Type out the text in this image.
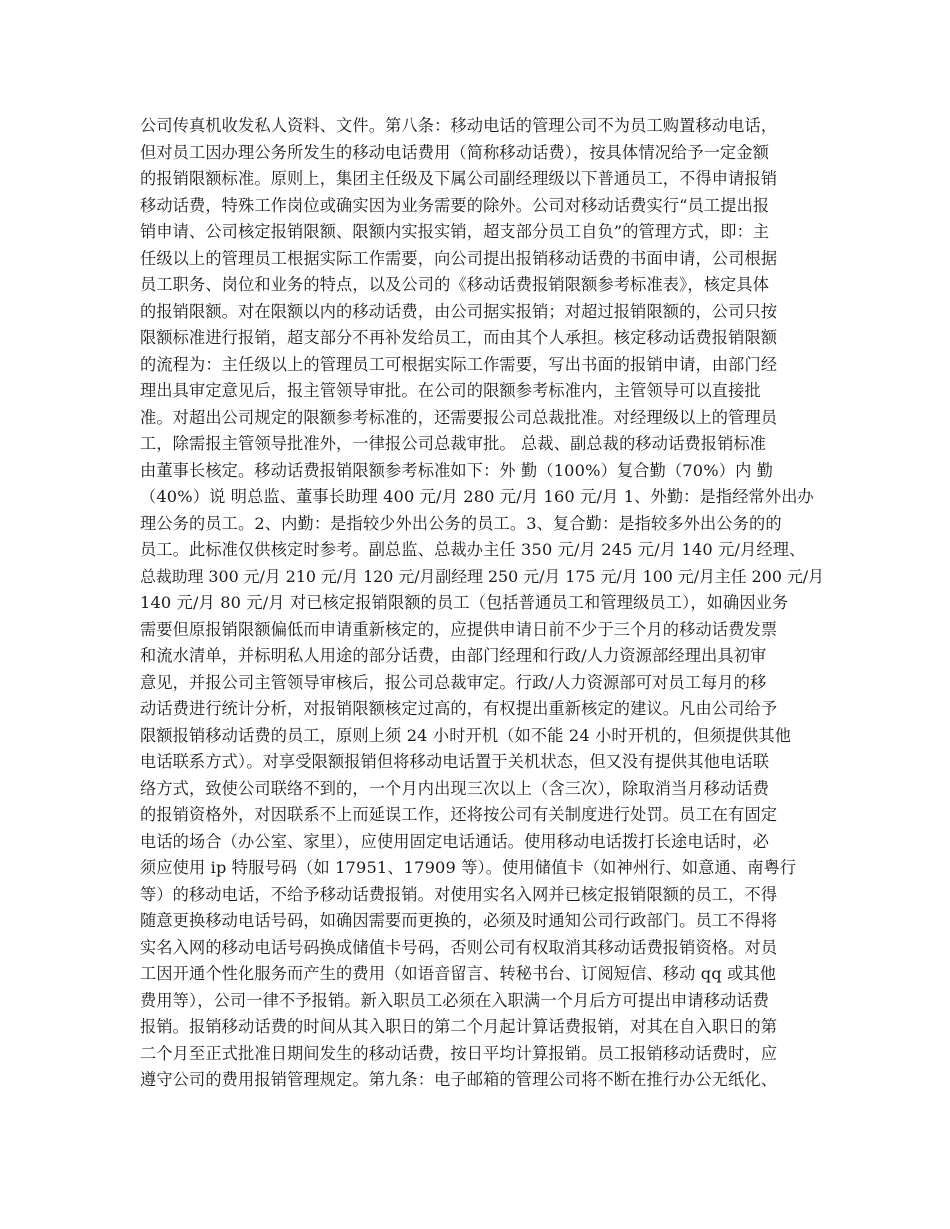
公司传真机收发私人资料、文件。第八条：移动电话的管理公司不为员工购置移动电话，
但对员工因办理公务所发生的移动电话费用（简称移动话费），按具体情况给予一定金额
的报销限额标准。原则上，集团主任级及下属公司副经理级以下普通员工，不得申请报销
移动话费，特殊工作岗位或确实因为业务需要的除外。公司对移动话费实行“员工提出报
销申请、公司核定报销限额、限额内实报实销，超支部分员工自负”的管理方式，即：主
任级以上的管理员工根据实际工作需要，向公司提出报销移动话费的书面申请，公司根据
员工职务、岗位和业务的特点，以及公司的《移动话费报销限额参考标准表》，核定具体
的报销限额。对在限额以内的移动话费，由公司据实报销；对超过报销限额的，公司只按
限额标准进行报销，超支部分不再补发给员工，而由其个人承担。核定移动话费报销限额
的流程为：主任级以上的管理员工可根据实际工作需要，写出书面的报销申请，由部门经
理出具审定意见后，报主管领导审批。在公司的限额参考标准内，主管领导可以直接批
准。对超出公司规定的限额参考标准的，还需要报公司总裁批准。对经理级以上的管理员
工，除需报主管领导批准外，一律报公司总裁审批。 总裁、副总裁的移动话费报销标准
由董事长核定。移动话费报销限额参考标准如下：外 勤（100%）复合勤（70%）内 勤
（40%）说 明总监、董事长助理 400 元/月 280 元/月 160 元/月 1、外勤：是指经常外出办
理公务的员工。2、内勤：是指较少外出公务的员工。3、复合勤：是指较多外出公务的的
员工。此标准仅供核定时参考。副总监、总裁办主任 350 元/月 245 元/月 140 元/月经理、
总裁助理 300 元/月 210 元/月 120 元/月副经理 250 元/月 175 元/月 100 元/月主任 200 元/月
140 元/月 80 元/月 对已核定报销限额的员工（包括普通员工和管理级员工），如确因业务
需要但原报销限额偏低而申请重新核定的，应提供申请日前不少于三个月的移动话费发票
和流水清单，并标明私人用途的部分话费，由部门经理和行政/人力资源部经理出具初审
意见，并报公司主管领导审核后，报公司总裁审定。行政/人力资源部可对员工每月的移
动话费进行统计分析，对报销限额核定过高的，有权提出重新核定的建议。凡由公司给予
限额报销移动话费的员工，原则上须 24 小时开机（如不能 24 小时开机的，但须提供其他
电话联系方式）。对享受限额报销但将移动电话置于关机状态，但又没有提供其他电话联
络方式，致使公司联络不到的，一个月内出现三次以上（含三次），除取消当月移动话费
的报销资格外，对因联系不上而延误工作，还将按公司有关制度进行处罚。员工在有固定
电话的场合（办公室、家里），应使用固定电话通话。使用移动电话拨打长途电话时，必
须应使用 ip 特服号码（如 17951、17909 等）。使用储值卡（如神州行、如意通、南粤行
等）的移动电话，不给予移动话费报销。对使用实名入网并已核定报销限额的员工，不得
随意更换移动电话号码，如确因需要而更换的，必须及时通知公司行政部门。员工不得将
实名入网的移动电话号码换成储值卡号码，否则公司有权取消其移动话费报销资格。对员
工因开通个性化服务而产生的费用（如语音留言、转秘书台、订阅短信、移动 qq 或其他
费用等），公司一律不予报销。新入职员工必须在入职满一个月后方可提出申请移动话费
报销。报销移动话费的时间从其入职日的第二个月起计算话费报销，对其在自入职日的第
二个月至正式批准日期间发生的移动话费，按日平均计算报销。员工报销移动话费时，应
遵守公司的费用报销管理规定。第九条：电子邮箱的管理公司将不断在推行办公无纸化、
